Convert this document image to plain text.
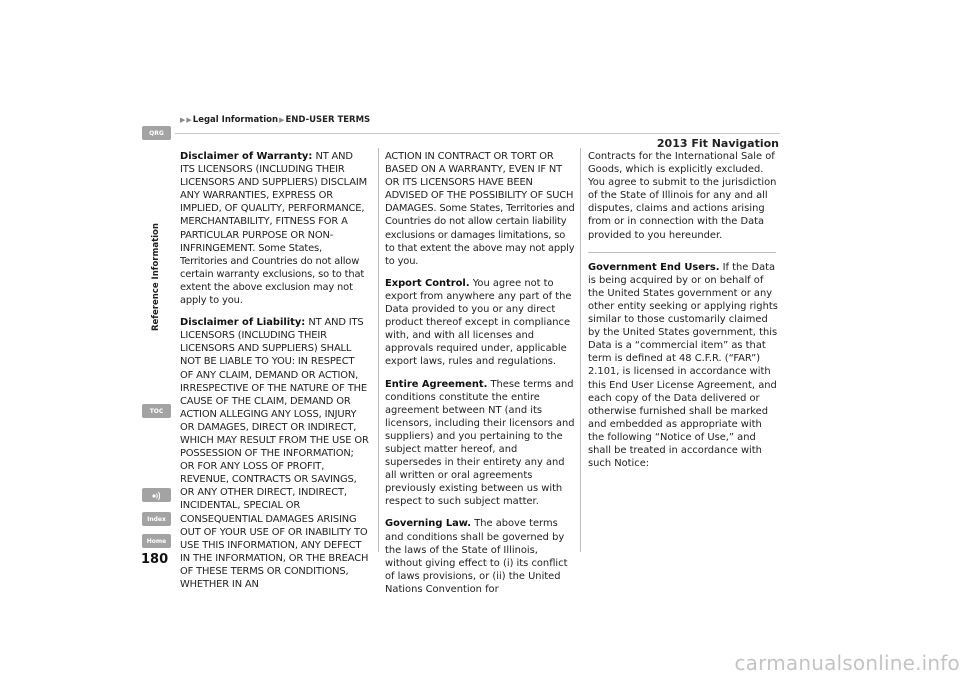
▶ ▶ Legal Information ▶ END-USER TERMS
2013 Fit Navigation
QRG
Reference Information
TOC
Index
Home
180

Disclaimer of Warranty: NT AND ITS LICENSORS (INCLUDING THEIR LICENSORS AND SUPPLIERS) DISCLAIM ANY WARRANTIES, EXPRESS OR IMPLIED, OF QUALITY, PERFORMANCE, MERCHANTABILITY, FITNESS FOR A PARTICULAR PURPOSE OR NON-INFRINGEMENT. Some States, Territories and Countries do not allow certain warranty exclusions, so to that extent the above exclusion may not apply to you.

Disclaimer of Liability: NT AND ITS LICENSORS (INCLUDING THEIR LICENSORS AND SUPPLIERS) SHALL NOT BE LIABLE TO YOU: IN RESPECT OF ANY CLAIM, DEMAND OR ACTION, IRRESPECTIVE OF THE NATURE OF THE CAUSE OF THE CLAIM, DEMAND OR ACTION ALLEGING ANY LOSS, INJURY OR DAMAGES, DIRECT OR INDIRECT, WHICH MAY RESULT FROM THE USE OR POSSESSION OF THE INFORMATION; OR FOR ANY LOSS OF PROFIT, REVENUE, CONTRACTS OR SAVINGS, OR ANY OTHER DIRECT, INDIRECT, INCIDENTAL, SPECIAL OR CONSEQUENTIAL DAMAGES ARISING OUT OF YOUR USE OF OR INABILITY TO USE THIS INFORMATION, ANY DEFECT IN THE INFORMATION, OR THE BREACH OF THESE TERMS OR CONDITIONS, WHETHER IN AN

ACTION IN CONTRACT OR TORT OR BASED ON A WARRANTY, EVEN IF NT OR ITS LICENSORS HAVE BEEN ADVISED OF THE POSSIBILITY OF SUCH DAMAGES. Some States, Territories and Countries do not allow certain liability exclusions or damages limitations, so to that extent the above may not apply to you.

Export Control. You agree not to export from anywhere any part of the Data provided to you or any direct product thereof except in compliance with, and with all licenses and approvals required under, applicable export laws, rules and regulations.

Entire Agreement. These terms and conditions constitute the entire agreement between NT (and its licensors, including their licensors and suppliers) and you pertaining to the subject matter hereof, and supersedes in their entirety any and all written or oral agreements previously existing between us with respect to such subject matter.

Governing Law. The above terms and conditions shall be governed by the laws of the State of Illinois, without giving effect to (i) its conflict of laws provisions, or (ii) the United Nations Convention for

Contracts for the International Sale of Goods, which is explicitly excluded. You agree to submit to the jurisdiction of the State of Illinois for any and all disputes, claims and actions arising from or in connection with the Data provided to you hereunder.

Government End Users. If the Data is being acquired by or on behalf of the United States government or any other entity seeking or applying rights similar to those customarily claimed by the United States government, this Data is a “commercial item” as that term is defined at 48 C.F.R. (“FAR”) 2.101, is licensed in accordance with this End User License Agreement, and each copy of the Data delivered or otherwise furnished shall be marked and embedded as appropriate with the following “Notice of Use,” and shall be treated in accordance with such Notice:

carmanualsonline.info
